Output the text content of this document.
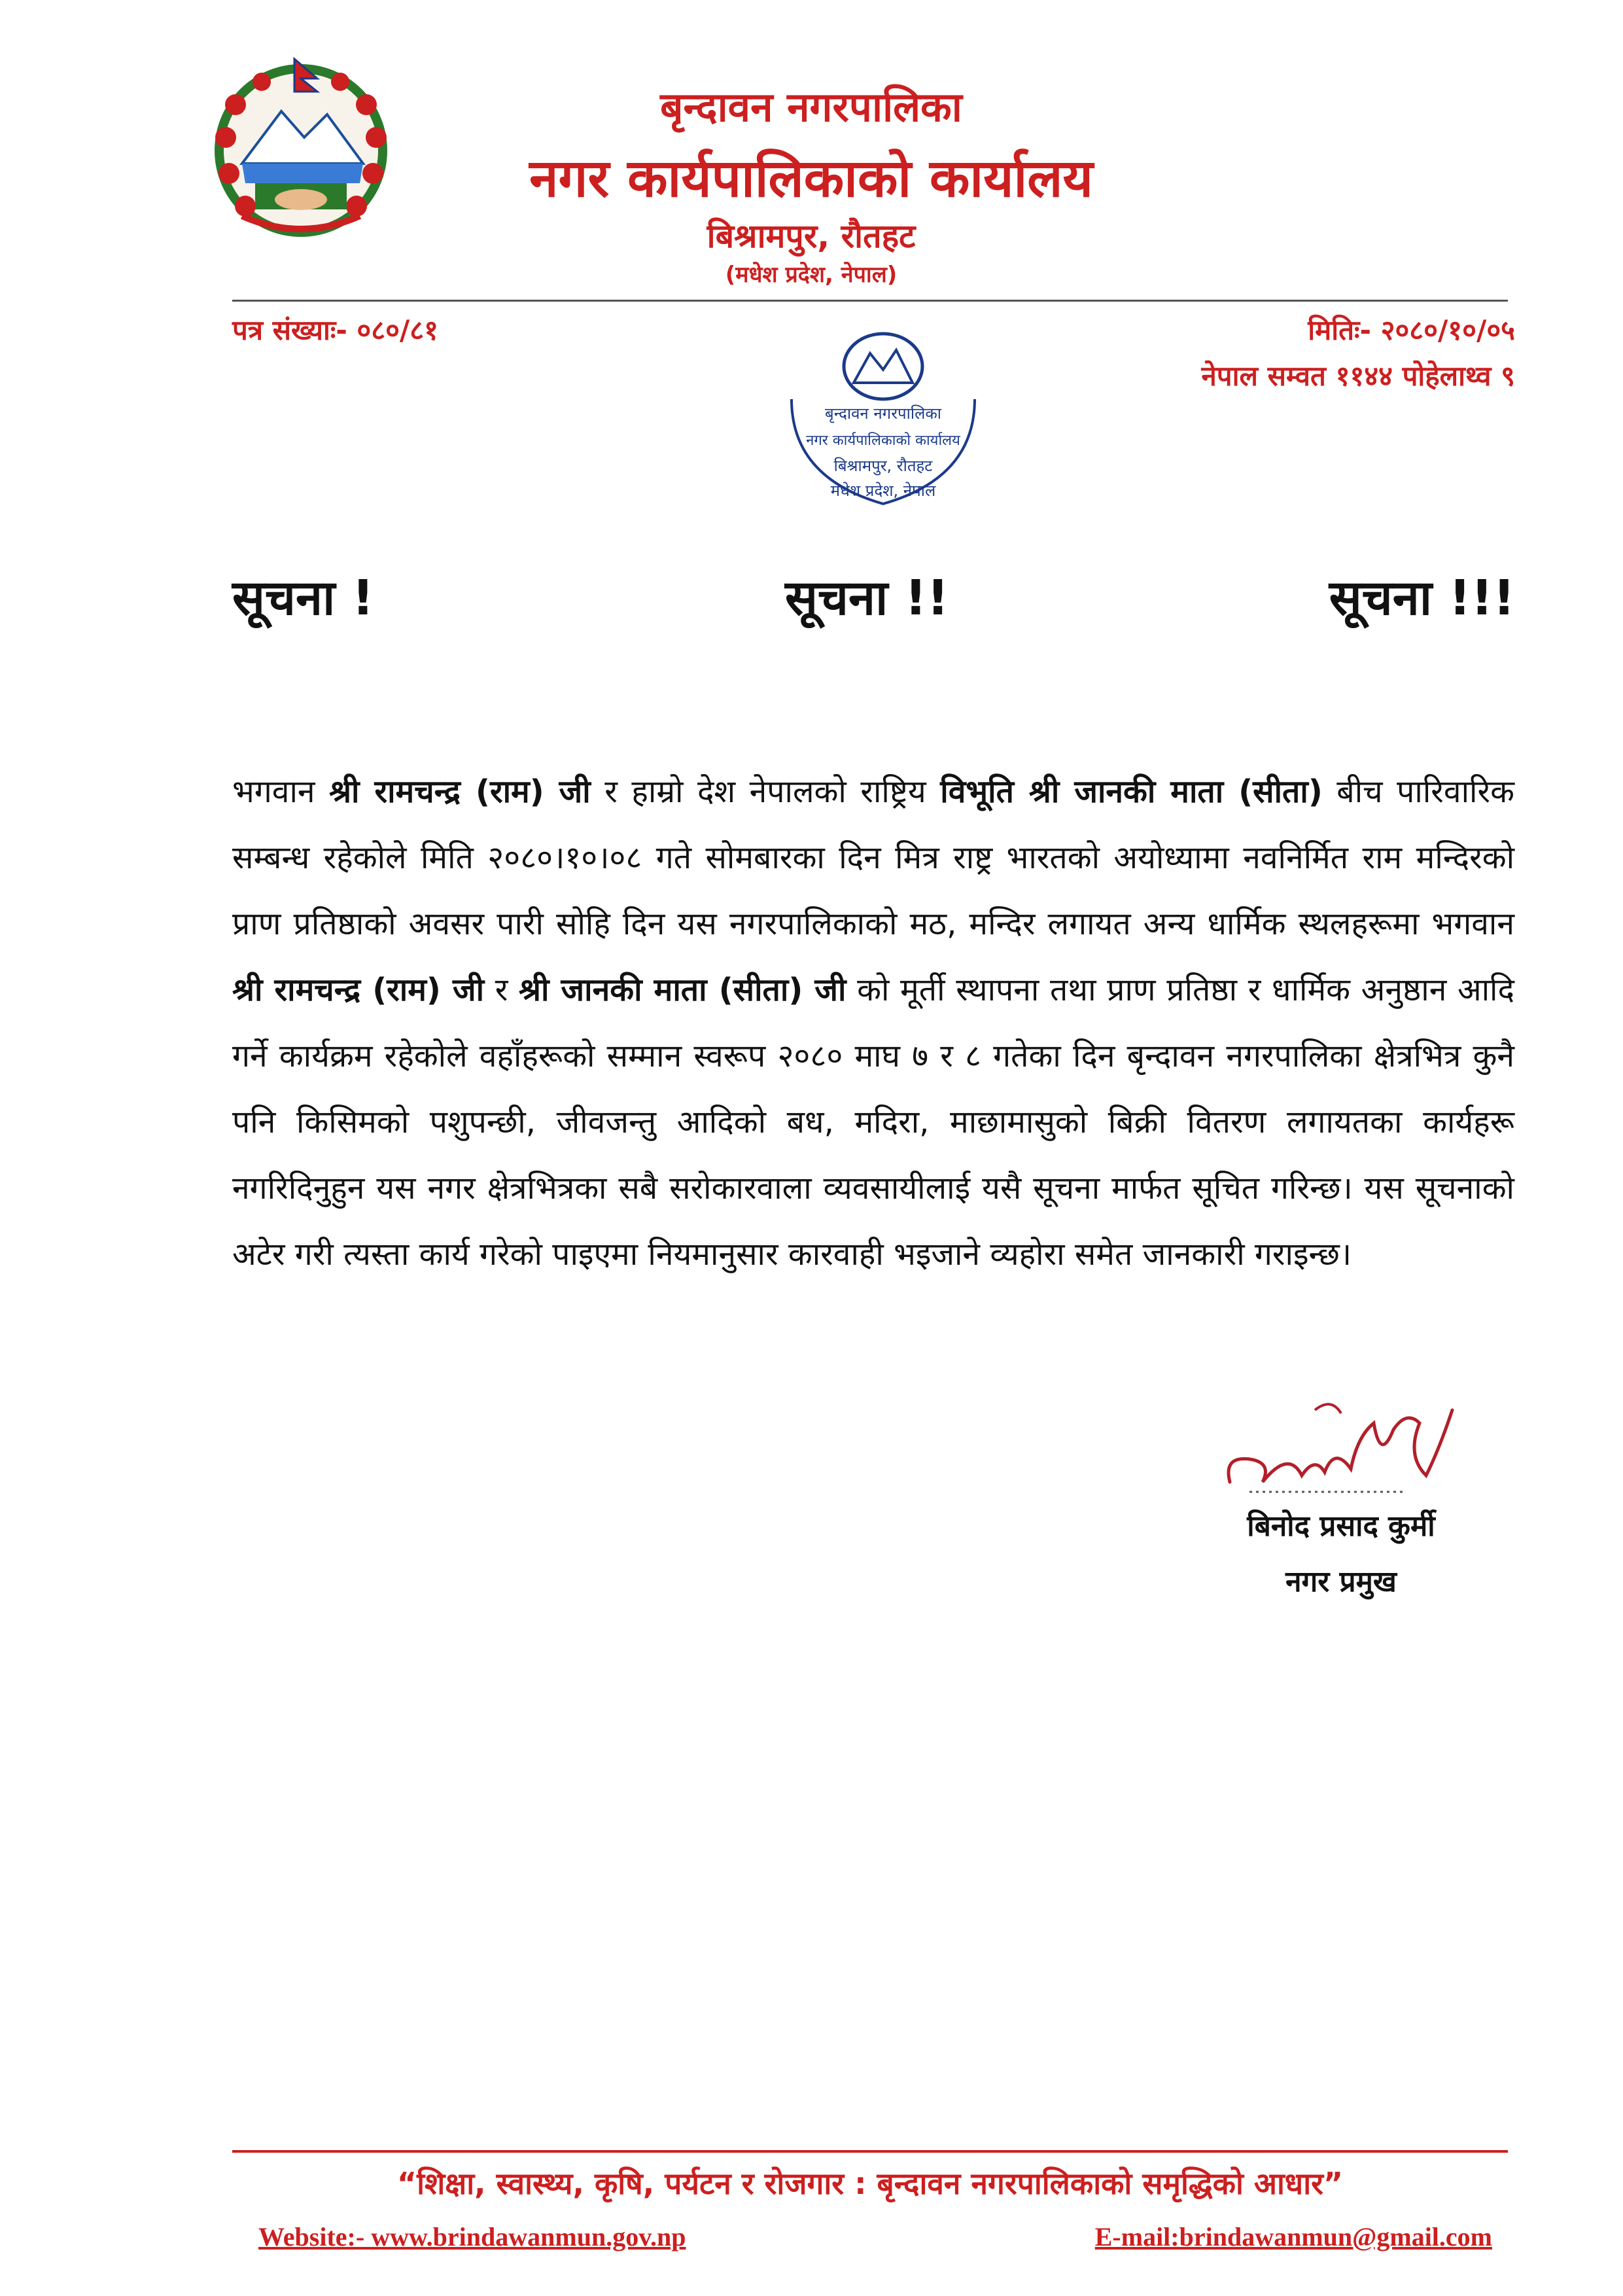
बृन्दावन नगरपालिका
नगर कार्यपालिकाको कार्यालय
बिश्रामपुर, रौतहट
(मधेश प्रदेश, नेपाल)
पत्र संख्याः- ०८०/८१	मितिः- २०८०/१०/०५
नेपाल सम्वत ११४४ पोहेलाथ्व ९
बृन्दावन नगरपालिका
नगर कार्यपालिकाको कार्यालय
बिश्रामपुर, रौतहट
मधेश प्रदेश, नेपाल
सूचना !	सूचना !!	सूचना !!!
भगवान श्री रामचन्द्र (राम) जी र हाम्रो देश नेपालको राष्ट्रिय विभूति श्री जानकी माता (सीता) बीच पारिवारिक सम्बन्ध रहेकोले मिति २०८०।१०।०८ गते सोमबारका दिन मित्र राष्ट्र भारतको अयोध्यामा नवनिर्मित राम मन्दिरको प्राण प्रतिष्ठाको अवसर पारी सोहि दिन यस नगरपालिकाको मठ, मन्दिर लगायत अन्य धार्मिक स्थलहरूमा भगवान श्री रामचन्द्र (राम) जी र श्री जानकी माता (सीता) जी को मूर्ती स्थापना तथा प्राण प्रतिष्ठा र धार्मिक अनुष्ठान आदि गर्ने कार्यक्रम रहेकोले वहाँहरूको सम्मान स्वरूप २०८० माघ ७ र ८ गतेका दिन बृन्दावन नगरपालिका क्षेत्रभित्र कुनै पनि किसिमको पशुपन्छी, जीवजन्तु आदिको बध, मदिरा, माछामासुको बिक्री वितरण लगायतका कार्यहरू नगरिदिनुहुन यस नगर क्षेत्रभित्रका सबै सरोकारवाला व्यवसायीलाई यसै सूचना मार्फत सूचित गरिन्छ। यस सूचनाको अटेर गरी त्यस्ता कार्य गरेको पाइएमा नियमानुसार कारवाही भइजाने व्यहोरा समेत जानकारी गराइन्छ।
बिनोद प्रसाद कुर्मी
नगर प्रमुख
“शिक्षा, स्वास्थ्य, कृषि, पर्यटन र रोजगार : बृन्दावन नगरपालिकाको समृद्धिको आधार”
Website:- www.brindawanmun.gov.np	E-mail:brindawanmun@gmail.com
